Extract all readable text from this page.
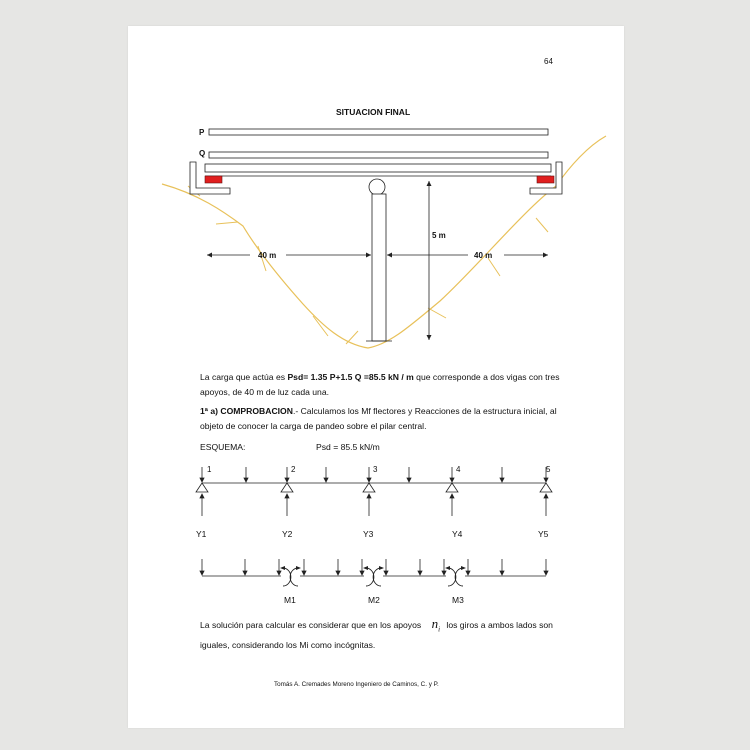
64
SITUACION FINAL
P
Q
40 m	40 m
5 m
1	2	3	4	5
Y1	Y2	Y3	Y4	Y5
M1	M2	M3
La carga que actúa es Psd= 1.35 P+1.5 Q =85.5 kN / m que corresponde a dos vigas con tres apoyos, de 40 m de luz cada una.
1ª a) COMPROBACION.- Calculamos los Mf flectores y Reacciones de la estructura inicial, al objeto de conocer la carga de pandeo sobre el pilar central.
ESQUEMA:	Psd = 85.5 kN/m
La solución para calcular es considerar que en los apoyos $n_i$ los giros a ambos lados son iguales, considerando los Mi como incógnitas.
Tomás A. Cremades Moreno Ingeniero de Caminos, C. y P.
